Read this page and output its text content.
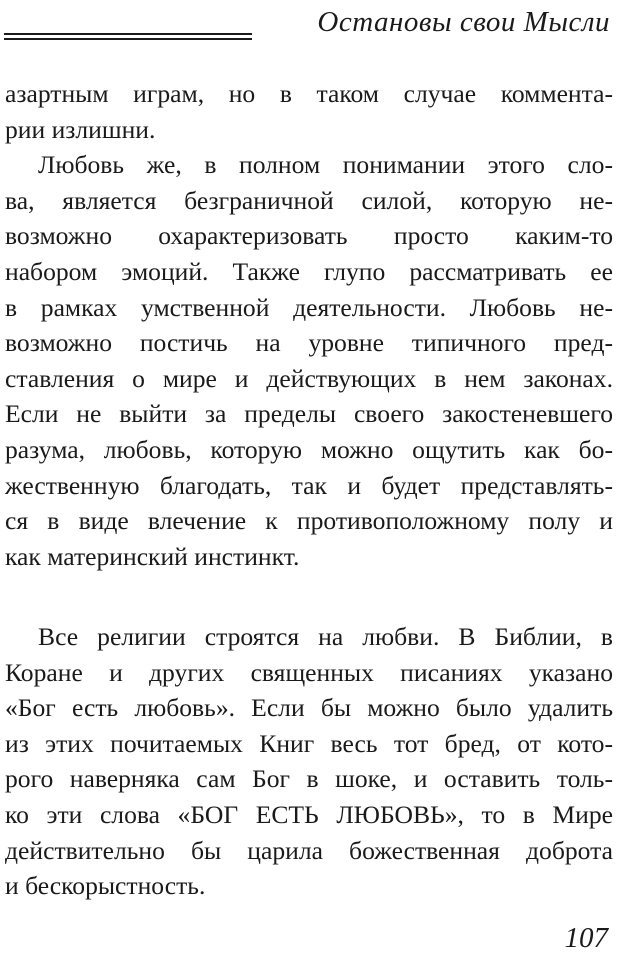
Остановы свои Мысли
азартным играм, но в таком случае коммента-
рии излишни.
Любовь же, в полном понимании этого сло-
ва, является безграничной силой, которую не-
возможно охарактеризовать просто каким-то
набором эмоций. Также глупо рассматривать ее
в рамках умственной деятельности. Любовь не-
возможно постичь на уровне типичного пред-
ставления о мире и действующих в нем законах.
Если не выйти за пределы своего закостеневшего
разума, любовь, которую можно ощутить как бо-
жественную благодать, так и будет представлять-
ся в виде влечение к противоположному полу и
как материнский инстинкт.
Все религии строятся на любви. В Библии, в
Коране и других священных писаниях указано
«Бог есть любовь». Если бы можно было удалить
из этих почитаемых Книг весь тот бред, от кото-
рого наверняка сам Бог в шоке, и оставить толь-
ко эти слова «БОГ ЕСТЬ ЛЮБОВЬ», то в Мире
действительно бы царила божественная доброта
и бескорыстность.
107
